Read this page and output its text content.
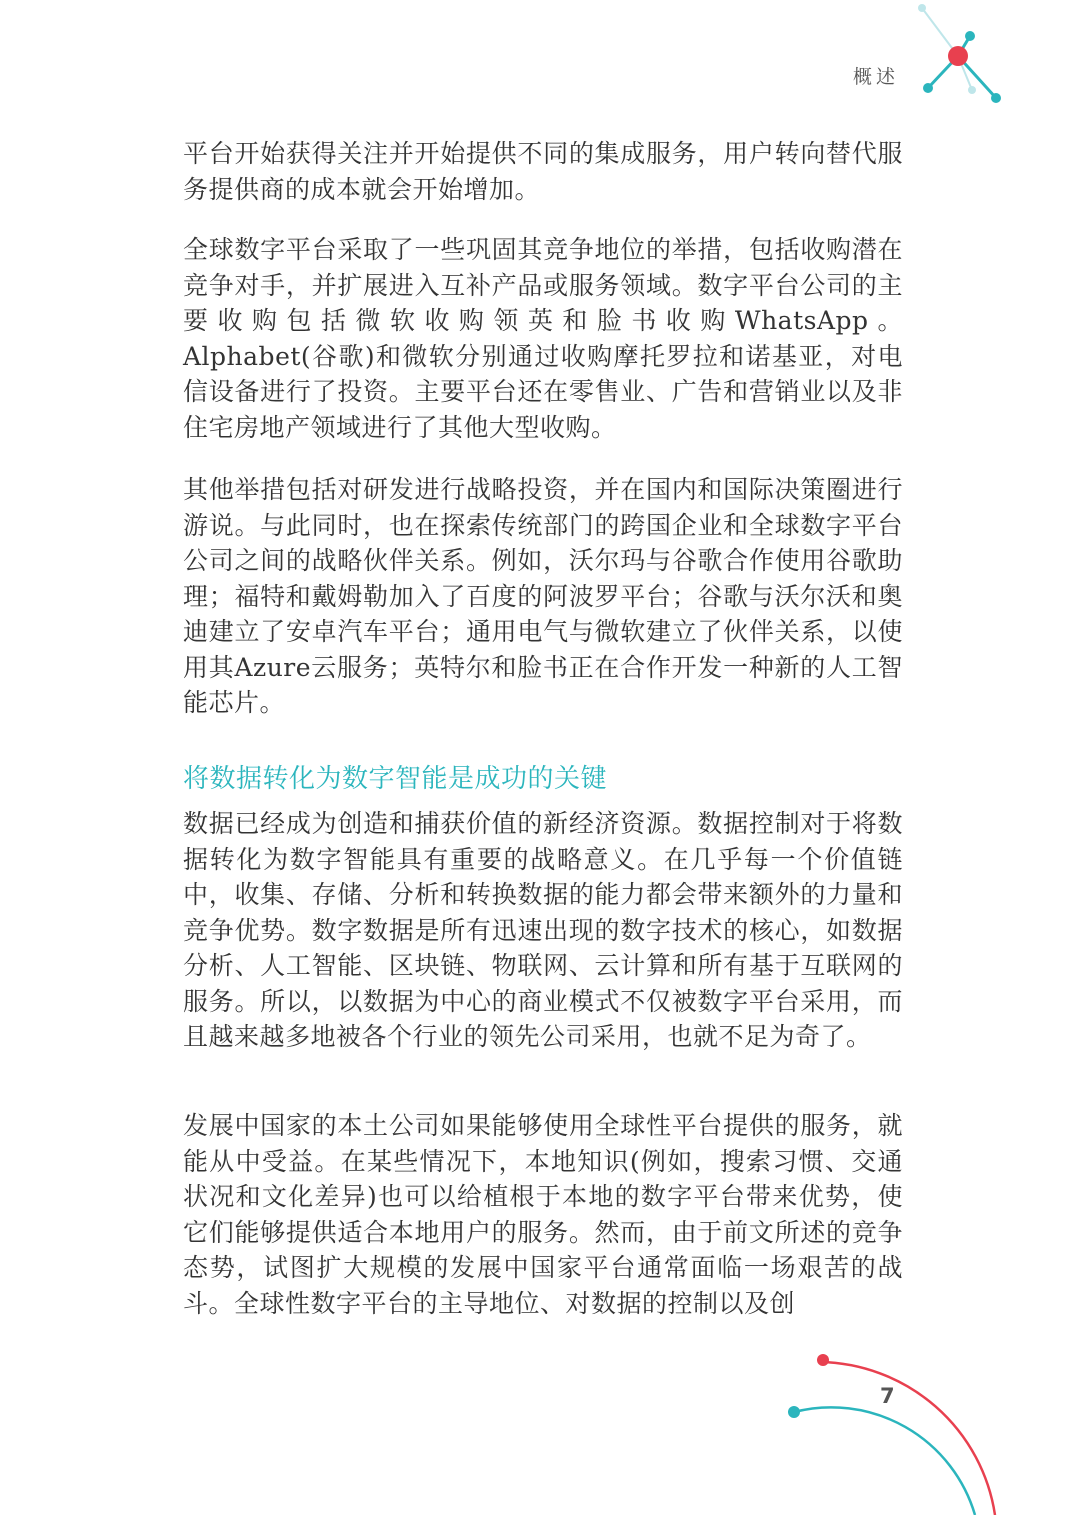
概述

平台开始获得关注并开始提供不同的集成服务，用户转向替代服务提供商的成本就会开始增加。

全球数字平台采取了一些巩固其竞争地位的举措，包括收购潜在竞争对手，并扩展进入互补产品或服务领域。数字平台公司的主要收购包括微软收购领英和脸书收购WhatsApp。Alphabet(谷歌)和微软分别通过收购摩托罗拉和诺基亚，对电信设备进行了投资。主要平台还在零售业、广告和营销业以及非住宅房地产领域进行了其他大型收购。

其他举措包括对研发进行战略投资，并在国内和国际决策圈进行游说。与此同时，也在探索传统部门的跨国企业和全球数字平台公司之间的战略伙伴关系。例如，沃尔玛与谷歌合作使用谷歌助理；福特和戴姆勒加入了百度的阿波罗平台；谷歌与沃尔沃和奥迪建立了安卓汽车平台；通用电气与微软建立了伙伴关系，以使用其Azure云服务；英特尔和脸书正在合作开发一种新的人工智能芯片。

将数据转化为数字智能是成功的关键

数据已经成为创造和捕获价值的新经济资源。数据控制对于将数据转化为数字智能具有重要的战略意义。在几乎每一个价值链中，收集、存储、分析和转换数据的能力都会带来额外的力量和竞争优势。数字数据是所有迅速出现的数字技术的核心，如数据分析、人工智能、区块链、物联网、云计算和所有基于互联网的服务。所以，以数据为中心的商业模式不仅被数字平台采用，而且越来越多地被各个行业的领先公司采用，也就不足为奇了。

发展中国家的本土公司如果能够使用全球性平台提供的服务，就能从中受益。在某些情况下，本地知识(例如，搜索习惯、交通状况和文化差异)也可以给植根于本地的数字平台带来优势，使它们能够提供适合本地用户的服务。然而，由于前文所述的竞争态势，试图扩大规模的发展中国家平台通常面临一场艰苦的战斗。全球性数字平台的主导地位、对数据的控制以及创

7
